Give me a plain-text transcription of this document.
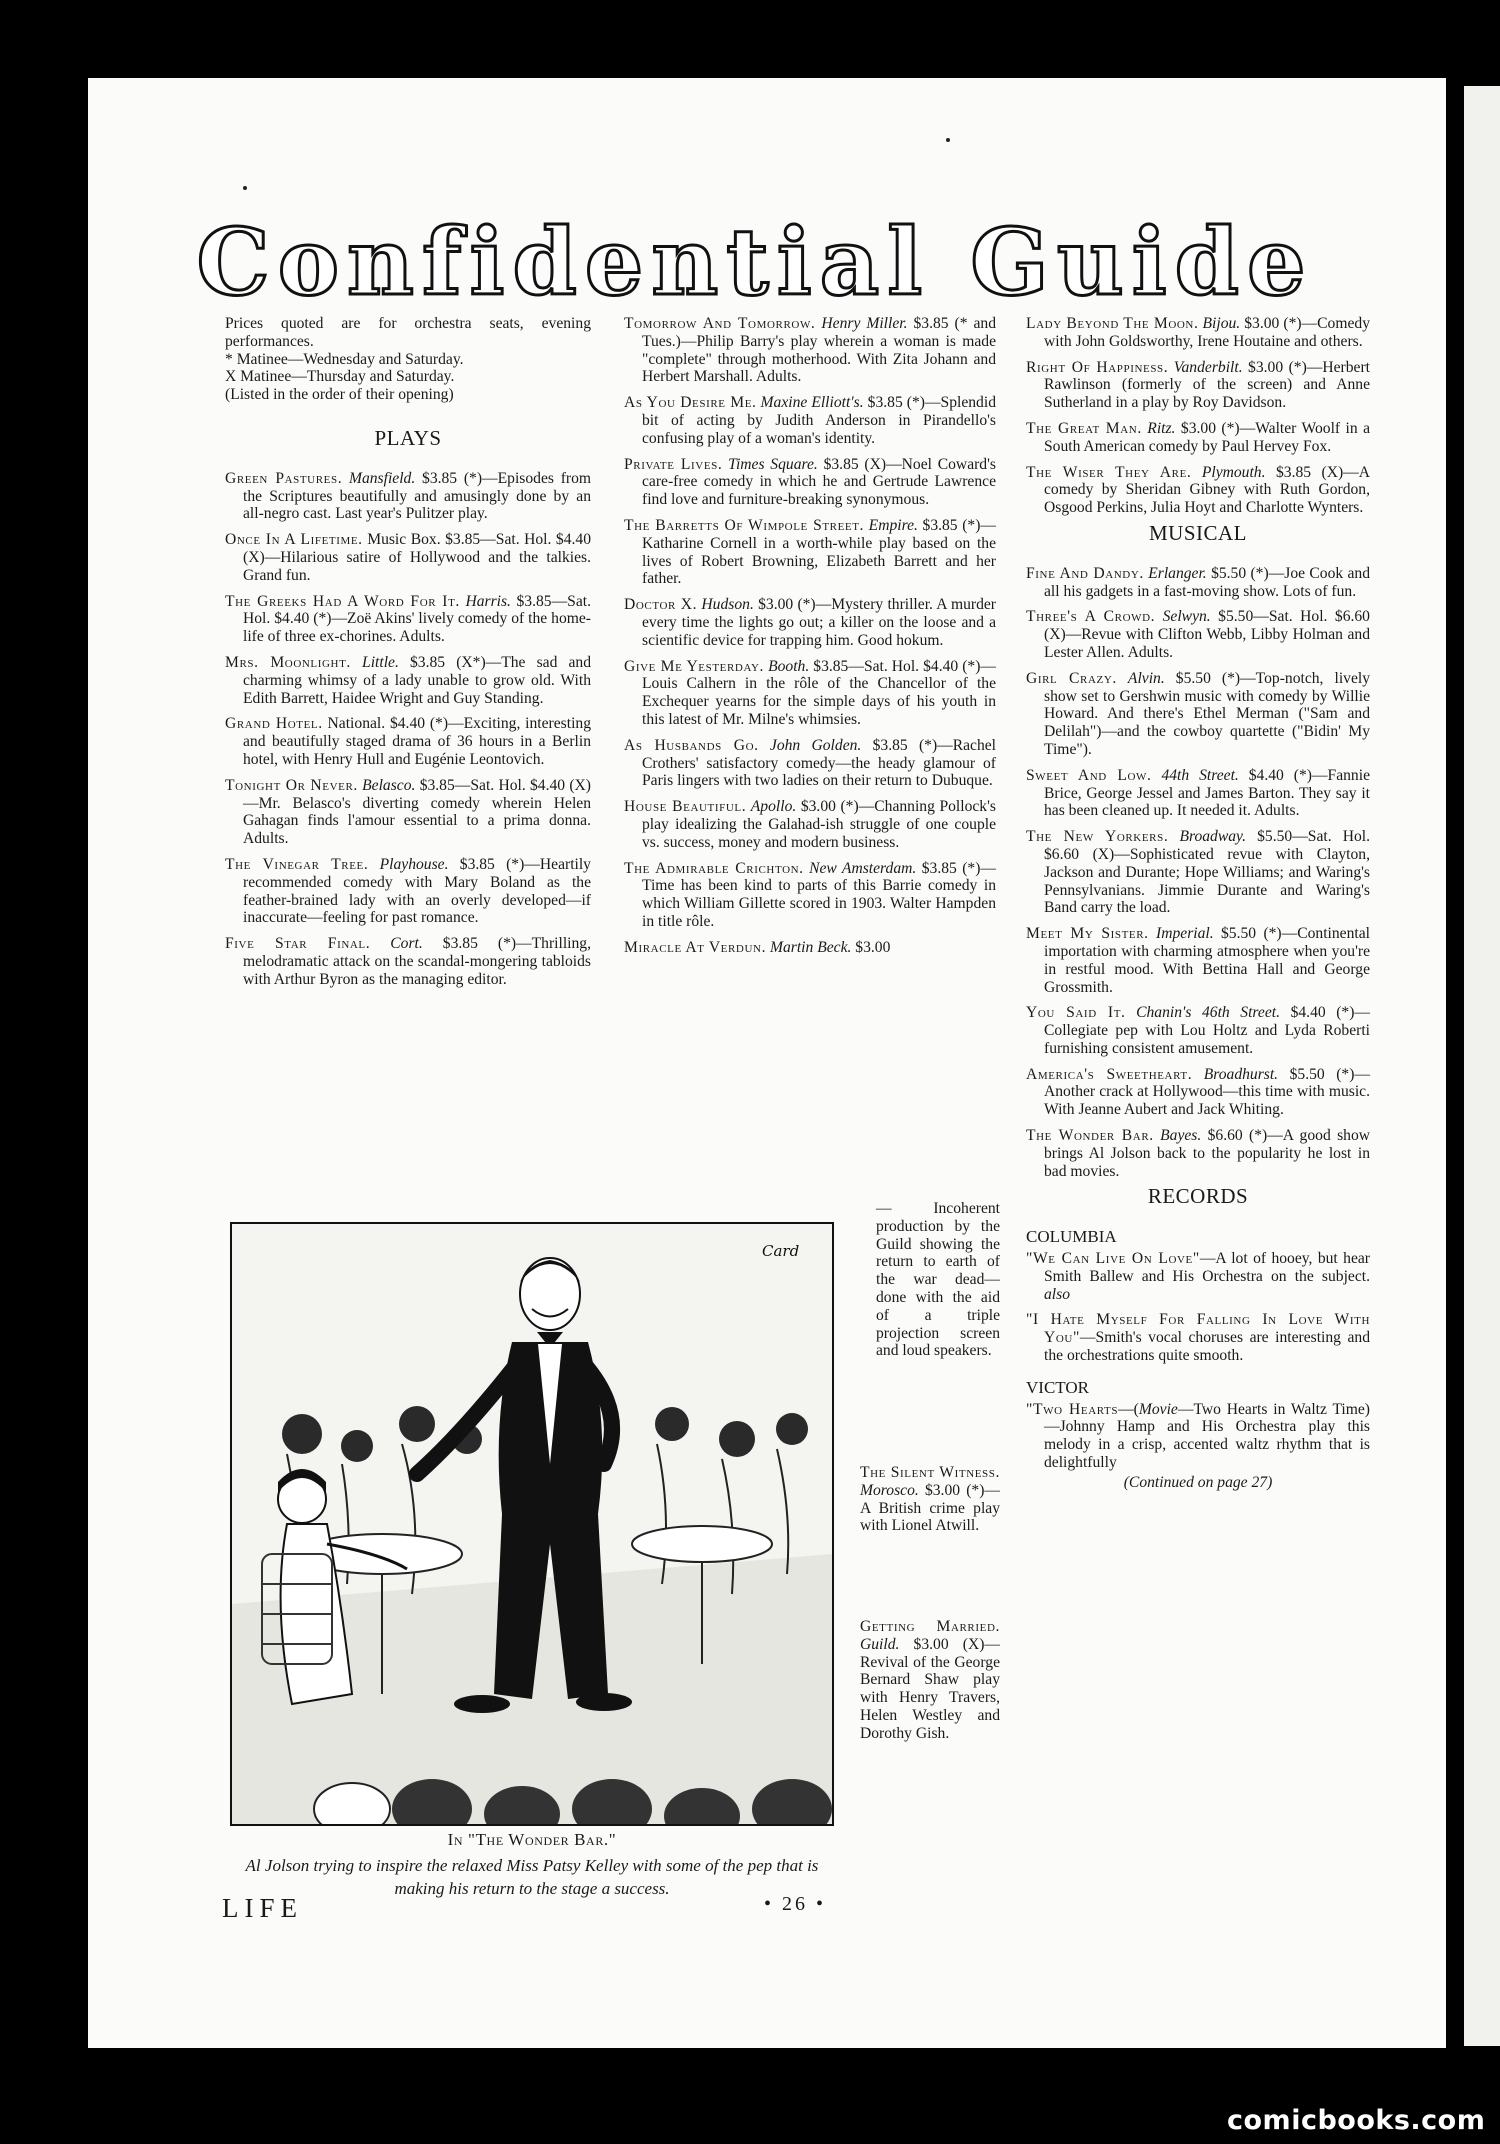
Confidential Guide

Prices quoted are for orchestra seats, evening performances.

* Matinee—Wednesday and Saturday.

X Matinee—Thursday and Saturday.

(Listed in the order of their opening)

PLAYS

Green Pastures. Mansfield. $3.85 (*)—Episodes from the Scriptures beautifully and amusingly done by an all-negro cast. Last year's Pulitzer play.

Once In A Lifetime. Music Box. $3.85—Sat. Hol. $4.40 (X)—Hilarious satire of Hollywood and the talkies. Grand fun.

The Greeks Had A Word For It. Harris. $3.85—Sat. Hol. $4.40 (*)—Zoë Akins' lively comedy of the home-life of three ex-chorines. Adults.

Mrs. Moonlight. Little. $3.85 (X*)—The sad and charming whimsy of a lady unable to grow old. With Edith Barrett, Haidee Wright and Guy Standing.

Grand Hotel. National. $4.40 (*)—Exciting, interesting and beautifully staged drama of 36 hours in a Berlin hotel, with Henry Hull and Eugénie Leontovich.

Tonight Or Never. Belasco. $3.85—Sat. Hol. $4.40 (X)—Mr. Belasco's diverting comedy wherein Helen Gahagan finds l'amour essential to a prima donna. Adults.

The Vinegar Tree. Playhouse. $3.85 (*)—Heartily recommended comedy with Mary Boland as the feather-brained lady with an overly developed—if inaccurate—feeling for past romance.

Five Star Final. Cort. $3.85 (*)—Thrilling, melodramatic attack on the scandal-mongering tabloids with Arthur Byron as the managing editor.

Tomorrow And Tomorrow. Henry Miller. $3.85 (* and Tues.)—Philip Barry's play wherein a woman is made "complete" through motherhood. With Zita Johann and Herbert Marshall. Adults.

As You Desire Me. Maxine Elliott's. $3.85 (*)—Splendid bit of acting by Judith Anderson in Pirandello's confusing play of a woman's identity.

Private Lives. Times Square. $3.85 (X)—Noel Coward's care-free comedy in which he and Gertrude Lawrence find love and furniture-breaking synonymous.

The Barretts Of Wimpole Street. Empire. $3.85 (*)—Katharine Cornell in a worth-while play based on the lives of Robert Browning, Elizabeth Barrett and her father.

Doctor X. Hudson. $3.00 (*)—Mystery thriller. A murder every time the lights go out; a killer on the loose and a scientific device for trapping him. Good hokum.

Give Me Yesterday. Booth. $3.85—Sat. Hol. $4.40 (*)—Louis Calhern in the rôle of the Chancellor of the Exchequer yearns for the simple days of his youth in this latest of Mr. Milne's whimsies.

As Husbands Go. John Golden. $3.85 (*)—Rachel Crothers' satisfactory comedy—the heady glamour of Paris lingers with two ladies on their return to Dubuque.

House Beautiful. Apollo. $3.00 (*)—Channing Pollock's play idealizing the Galahad-ish struggle of one couple vs. success, money and modern business.

The Admirable Crichton. New Amsterdam. $3.85 (*)—Time has been kind to parts of this Barrie comedy in which William Gillette scored in 1903. Walter Hampden in title rôle.

Miracle At Verdun. Martin Beck. $3.00

— Incoherent production by the Guild showing the return to earth of the war dead—done with the aid of a triple projection screen and loud speakers.
The Silent Witness. Morosco. $3.00 (*)—A British crime play with Lionel Atwill.
Getting Married. Guild. $3.00 (X)—Revival of the George Bernard Shaw play with Henry Travers, Helen Westley and Dorothy Gish.

Lady Beyond The Moon. Bijou. $3.00 (*)—Comedy with John Goldsworthy, Irene Houtaine and others.

Right Of Happiness. Vanderbilt. $3.00 (*)—Herbert Rawlinson (formerly of the screen) and Anne Sutherland in a play by Roy Davidson.

The Great Man. Ritz. $3.00 (*)—Walter Woolf in a South American comedy by Paul Hervey Fox.

The Wiser They Are. Plymouth. $3.85 (X)—A comedy by Sheridan Gibney with Ruth Gordon, Osgood Perkins, Julia Hoyt and Charlotte Wynters.

MUSICAL

Fine And Dandy. Erlanger. $5.50 (*)—Joe Cook and all his gadgets in a fast-moving show. Lots of fun.

Three's A Crowd. Selwyn. $5.50—Sat. Hol. $6.60 (X)—Revue with Clifton Webb, Libby Holman and Lester Allen. Adults.

Girl Crazy. Alvin. $5.50 (*)—Top-notch, lively show set to Gershwin music with comedy by Willie Howard. And there's Ethel Merman ("Sam and Delilah")—and the cowboy quartette ("Bidin' My Time").

Sweet And Low. 44th Street. $4.40 (*)—Fannie Brice, George Jessel and James Barton. They say it has been cleaned up. It needed it. Adults.

The New Yorkers. Broadway. $5.50—Sat. Hol. $6.60 (X)—Sophisticated revue with Clayton, Jackson and Durante; Hope Williams; and Waring's Pennsylvanians. Jimmie Durante and Waring's Band carry the load.

Meet My Sister. Imperial. $5.50 (*)—Continental importation with charming atmosphere when you're in restful mood. With Bettina Hall and George Grossmith.

You Said It. Chanin's 46th Street. $4.40 (*)—Collegiate pep with Lou Holtz and Lyda Roberti furnishing consistent amusement.

America's Sweetheart. Broadhurst. $5.50 (*)—Another crack at Hollywood—this time with music. With Jeanne Aubert and Jack Whiting.

The Wonder Bar. Bayes. $6.60 (*)—A good show brings Al Jolson back to the popularity he lost in bad movies.

RECORDS
COLUMBIA

"We Can Live On Love"—A lot of hooey, but hear Smith Ballew and His Orchestra on the subject. also

"I Hate Myself For Falling In Love With You"—Smith's vocal choruses are interesting and the orchestrations quite smooth.

VICTOR

"Two Hearts—(Movie—Two Hearts in Waltz Time)—Johnny Hamp and His Orchestra play this melody in a crisp, accented waltz rhythm that is delightfully

(Continued on page 27)
Card
In "The Wonder Bar."
Al Jolson trying to inspire the relaxed Miss Patsy Kelley with some of the pep that is making his return to the stage a success.
LIFE	• 26 •
comicbooks.com
